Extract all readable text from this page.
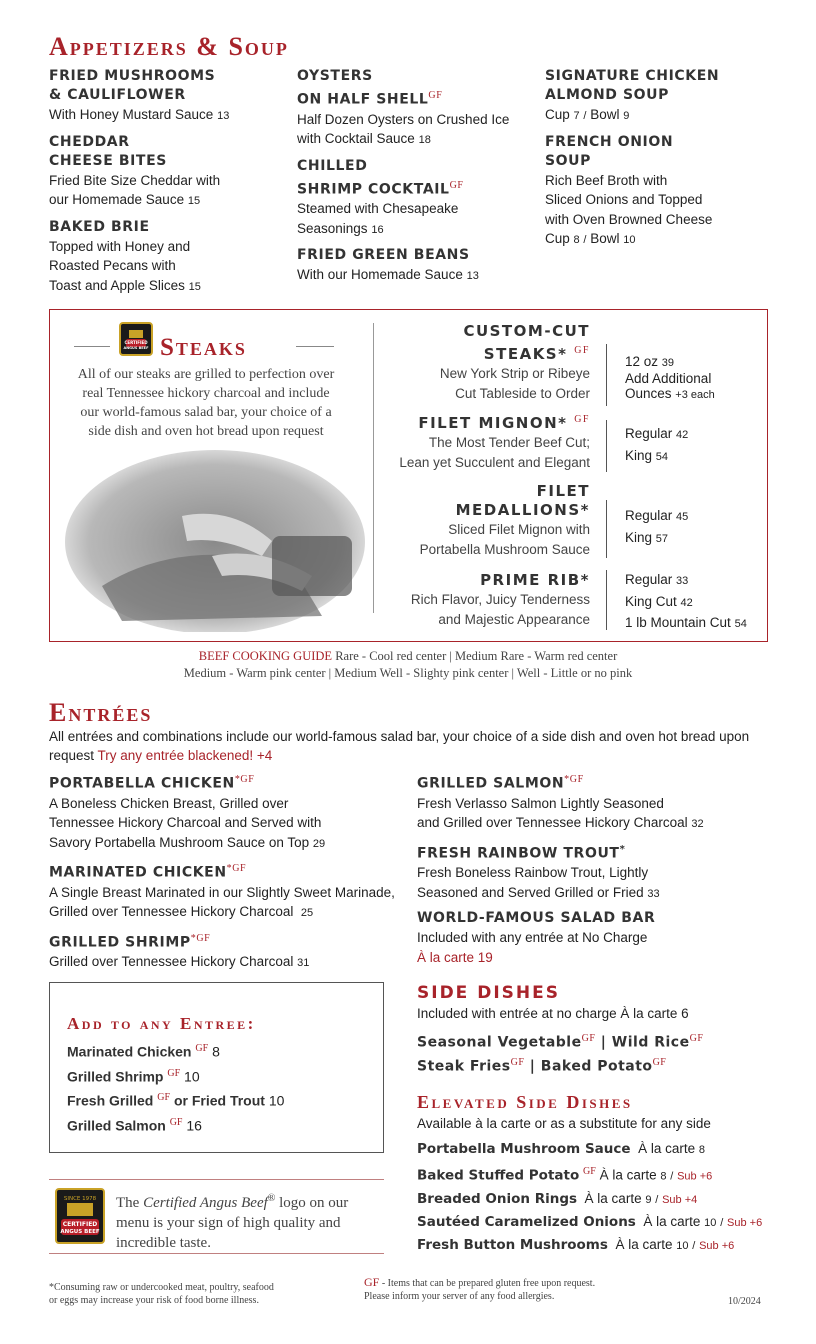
Appetizers & Soup
FRIED MUSHROOMS
& CAULIFLOWER
With Honey Mustard Sauce 13
CHEDDAR
CHEESE BITES
Fried Bite Size Cheddar with
our Homemade Sauce 15
BAKED BRIE
Topped with Honey and
Roasted Pecans with
Toast and Apple Slices 15
OYSTERS
ON HALF $SHELL^{GF}$
Half Dozen Oysters on Crushed Ice
with Cocktail Sauce 18
CHILLED
SHRIMP $COCKTAIL^{GF}$
Steamed with Chesapeake
Seasonings 16
FRIED GREEN BEANS
With our Homemade Sauce 13
SIGNATURE CHICKEN
ALMOND SOUP
Cup 7 / Bowl 9
FRENCH ONION
SOUP
Rich Beef Broth with
Sliced Onions and Topped
with Oven Browned Cheese
Cup 8 / Bowl 10
CERTIFIED
ANGUS BEEF Steaks
All of our steaks are grilled to perfection over
real Tennessee hickory charcoal and include
our world-famous salad bar, your choice of a
side dish and oven hot bread upon request
CUSTOM-CUT
STEAKS* $^{GF}$
New York Strip or Ribeye
Cut Tableside to Order
12 oz 39
Add Additional
Ounces +3 each
FILET MIGNON* $^{GF}$
The Most Tender Beef Cut;
Lean yet Succulent and Elegant
Regular 42
King 54
FILET
MEDALLIONS*
Sliced Filet Mignon with
Portabella Mushroom Sauce
Regular 45
King 57
PRIME RIB*
Rich Flavor, Juicy Tenderness
and Majestic Appearance
Regular 33
King Cut 42
1 lb Mountain Cut 54
BEEF COOKING GUIDE Rare - Cool red center | Medium Rare - Warm red center
Medium - Warm pink center | Medium Well - Slighty pink center | Well - Little or no pink
Entrées
All entrées and combinations include our world-famous salad bar, your choice of a side dish and oven hot bread upon
request Try any entrée blackened! +4
PORTABELLA $CHICKEN^{*GF}$
A Boneless Chicken Breast, Grilled over
Tennessee Hickory Charcoal and Served with
Savory Portabella Mushroom Sauce on Top 29
MARINATED $CHICKEN^{*GF}$
A Single Breast Marinated in our Slightly Sweet Marinade,
Grilled over Tennessee Hickory Charcoal 25
GRILLED $SHRIMP^{*GF}$
Grilled over Tennessee Hickory Charcoal 31
GRILLED $SALMON^{*GF}$
Fresh Verlasso Salmon Lightly Seasoned
and Grilled over Tennessee Hickory Charcoal 32
FRESH RAINBOW TROUT*
Fresh Boneless Rainbow Trout, Lightly
Seasoned and Served Grilled or Fried 33
WORLD-FAMOUS SALAD BAR
Included with any entrée at No Charge
À la carte 19
Add to any Entree:
Marinated Chicken $^{GF}$ 8
Grilled Shrimp $^{GF}$ 10
Fresh Grilled $^{GF}$ or Fried Trout 10
Grilled Salmon $^{GF}$ 16
SINCE 1978
CERTIFIED
ANGUS BEEF
The Certified Angus Beef® logo on our
menu is your sign of high quality and
incredible taste.
SIDE DISHES
Included with entrée at no charge À la carte 6
Seasonal Vegetable$^{GF}$ | Wild Rice$^{GF}$
Steak Fries$^{GF}$ | Baked Potato$^{GF}$
Elevated Side Dishes
Available à la carte or as a substitute for any side
Portabella Mushroom Sauce À la carte 8
Baked Stuffed Potato $^{GF}$ À la carte 8 / Sub +6
Breaded Onion Rings À la carte 9 / Sub +4
Sautéed Caramelized Onions À la carte 10 / Sub +6
Fresh Button Mushrooms À la carte 10 / Sub +6
*Consuming raw or undercooked meat, poultry, seafood
or eggs may increase your risk of food borne illness.
GF - Items that can be prepared gluten free upon request.
Please inform your server of any food allergies.	10/2024
